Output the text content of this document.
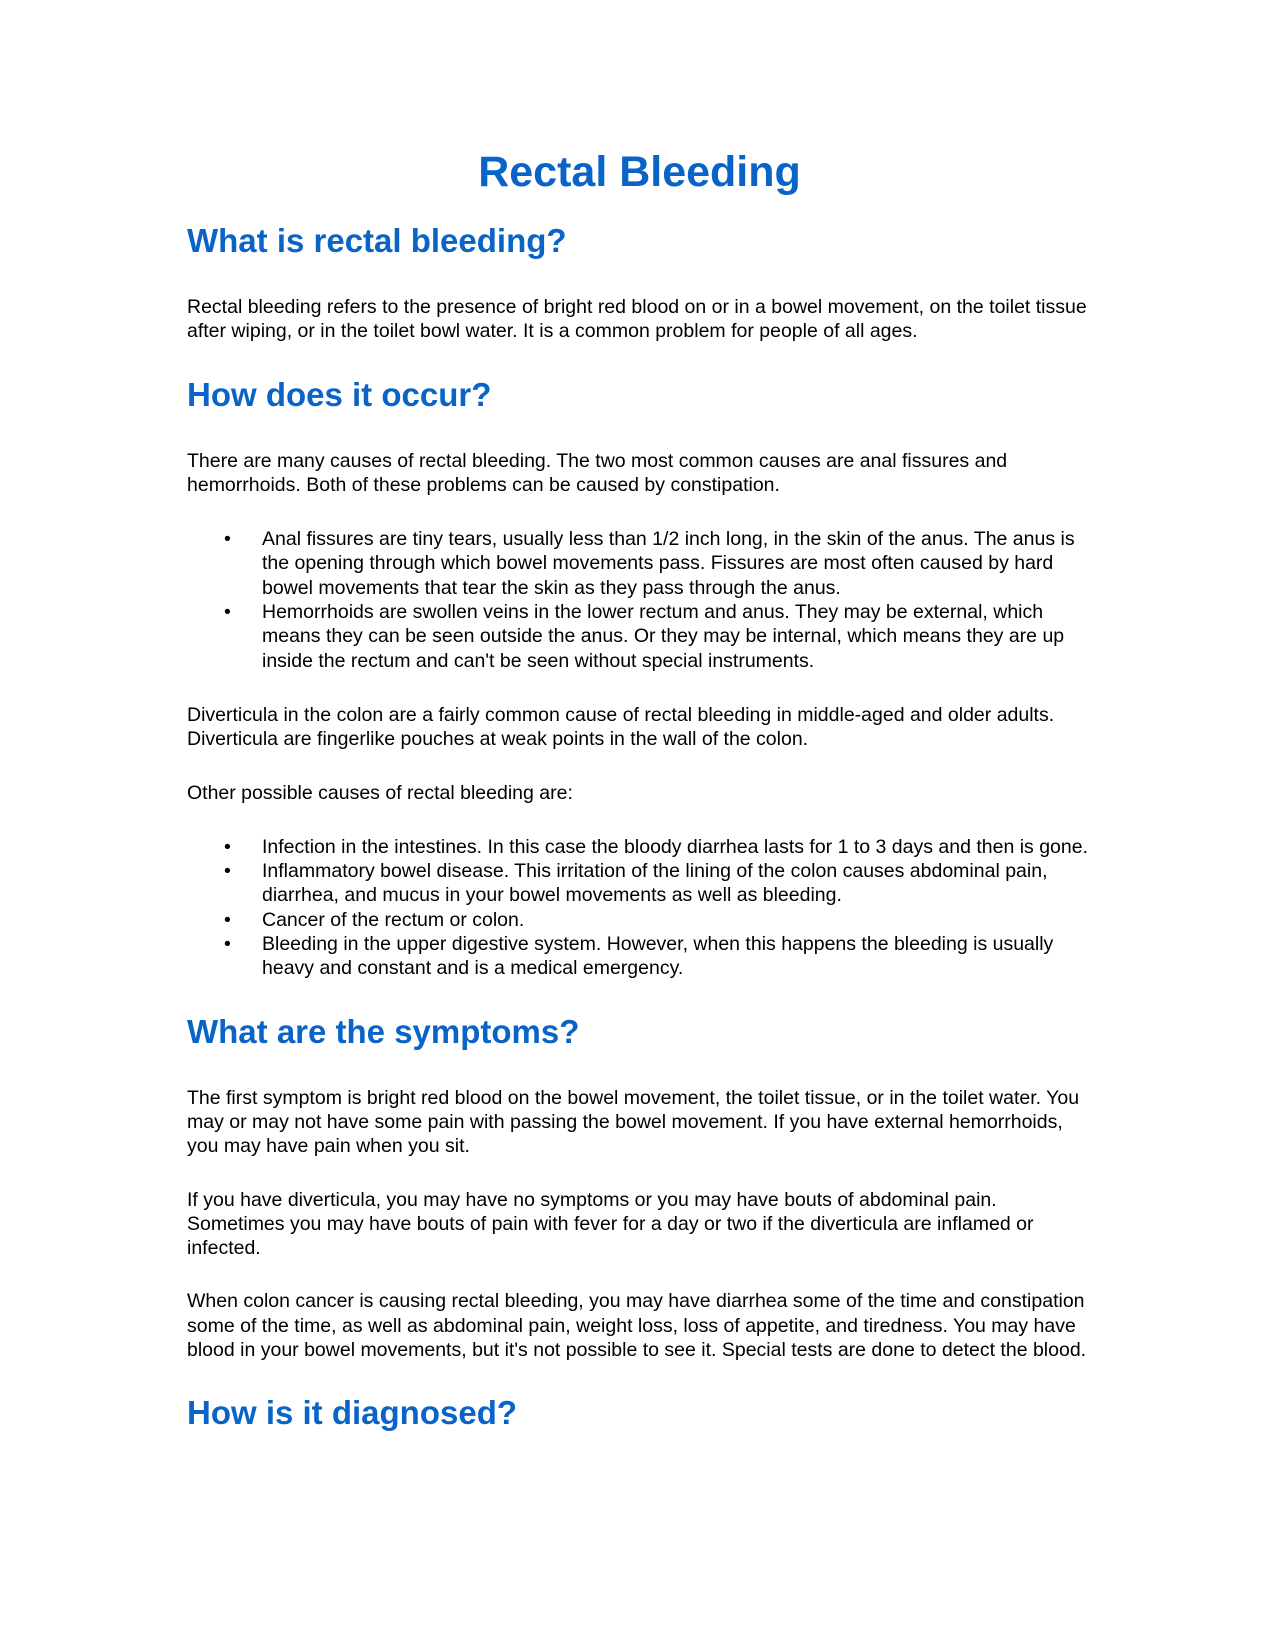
Rectal Bleeding
What is rectal bleeding?

Rectal bleeding refers to the presence of bright red blood on or in a bowel movement, on the toilet tissue after wiping, or in the toilet bowl water. It is a common problem for people of all ages.

How does it occur?

There are many causes of rectal bleeding. The two most common causes are anal fissures and hemorrhoids. Both of these problems can be caused by constipation.

• Anal fissures are tiny tears, usually less than 1/2 inch long, in the skin of the anus. The anus is the opening through which bowel movements pass. Fissures are most often caused by hard bowel movements that tear the skin as they pass through the anus.
• Hemorrhoids are swollen veins in the lower rectum and anus. They may be external, which means they can be seen outside the anus. Or they may be internal, which means they are up inside the rectum and can't be seen without special instruments.

Diverticula in the colon are a fairly common cause of rectal bleeding in middle-aged and older adults. Diverticula are fingerlike pouches at weak points in the wall of the colon.

Other possible causes of rectal bleeding are:

• Infection in the intestines. In this case the bloody diarrhea lasts for 1 to 3 days and then is gone.
• Inflammatory bowel disease. This irritation of the lining of the colon causes abdominal pain, diarrhea, and mucus in your bowel movements as well as bleeding.
• Cancer of the rectum or colon.
• Bleeding in the upper digestive system. However, when this happens the bleeding is usually heavy and constant and is a medical emergency.
What are the symptoms?

The first symptom is bright red blood on the bowel movement, the toilet tissue, or in the toilet water. You may or may not have some pain with passing the bowel movement. If you have external hemorrhoids, you may have pain when you sit.

If you have diverticula, you may have no symptoms or you may have bouts of abdominal pain. Sometimes you may have bouts of pain with fever for a day or two if the diverticula are inflamed or infected.

When colon cancer is causing rectal bleeding, you may have diarrhea some of the time and constipation some of the time, as well as abdominal pain, weight loss, loss of appetite, and tiredness. You may have blood in your bowel movements, but it's not possible to see it. Special tests are done to detect the blood.

How is it diagnosed?
